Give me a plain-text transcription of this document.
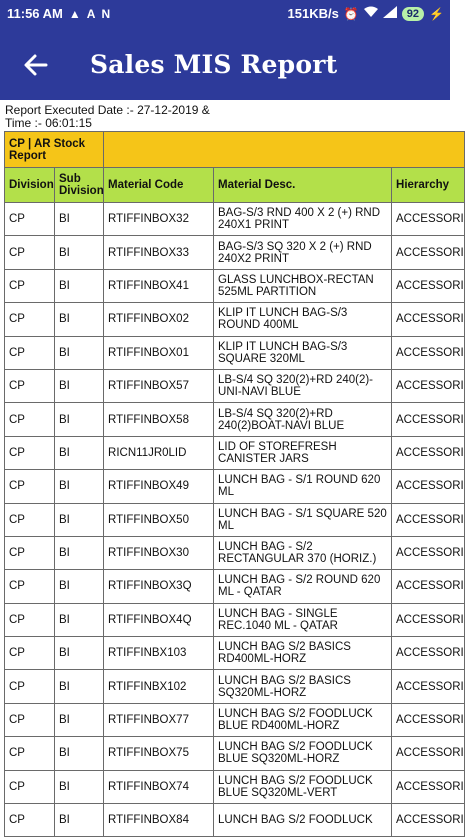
11:56 AM ▲ A N	151KB/s ⏰	92 ⚡
Sales MIS Report
Report Executed Date :- 27-12-2019 &
Time :- 06:01:15
CP | AR Stock Report				
Division	Sub Division	Material Code	Material Desc.	Hierarchy
CP	BI	RTIFFINBOX32	BAG-S/3 RND 400 X 2 (+) RND 240X1 PRINT	ACCESSORI
CP	BI	RTIFFINBOX33	BAG-S/3 SQ 320 X 2 (+) RND 240X2 PRINT	ACCESSORI
CP	BI	RTIFFINBOX41	GLASS LUNCHBOX-RECTAN 525ML PARTITION	ACCESSORI
CP	BI	RTIFFINBOX02	KLIP IT LUNCH BAG-S/3 ROUND 400ML	ACCESSORI
CP	BI	RTIFFINBOX01	KLIP IT LUNCH BAG-S/3 SQUARE 320ML	ACCESSORI
CP	BI	RTIFFINBOX57	LB-S/4 SQ 320(2)+RD 240(2)-UNI-NAVI BLUE	ACCESSORI
CP	BI	RTIFFINBOX58	LB-S/4 SQ 320(2)+RD 240(2)BOAT-NAVI BLUE	ACCESSORI
CP	BI	RICN11JR0LID	LID OF STOREFRESH CANISTER JARS	ACCESSORI
CP	BI	RTIFFINBOX49	LUNCH BAG - S/1 ROUND 620 ML	ACCESSORI
CP	BI	RTIFFINBOX50	LUNCH BAG - S/1 SQUARE 520 ML	ACCESSORI
CP	BI	RTIFFINBOX30	LUNCH BAG - S/2 RECTANGULAR 370 (HORIZ.)	ACCESSORI
CP	BI	RTIFFINBOX3Q	LUNCH BAG - S/2 ROUND 620 ML - QATAR	ACCESSORI
CP	BI	RTIFFINBOX4Q	LUNCH BAG - SINGLE REC.1040 ML - QATAR	ACCESSORI
CP	BI	RTIFFINBX103	LUNCH BAG S/2 BASICS RD400ML-HORZ	ACCESSORI
CP	BI	RTIFFINBX102	LUNCH BAG S/2 BASICS SQ320ML-HORZ	ACCESSORI
CP	BI	RTIFFINBOX77	LUNCH BAG S/2 FOODLUCK BLUE RD400ML-HORZ	ACCESSORI
CP	BI	RTIFFINBOX75	LUNCH BAG S/2 FOODLUCK BLUE SQ320ML-HORZ	ACCESSORI
CP	BI	RTIFFINBOX74	LUNCH BAG S/2 FOODLUCK BLUE SQ320ML-VERT	ACCESSORI
CP	BI	RTIFFINBOX84	LUNCH BAG S/2 FOODLUCK	ACCESSORI
